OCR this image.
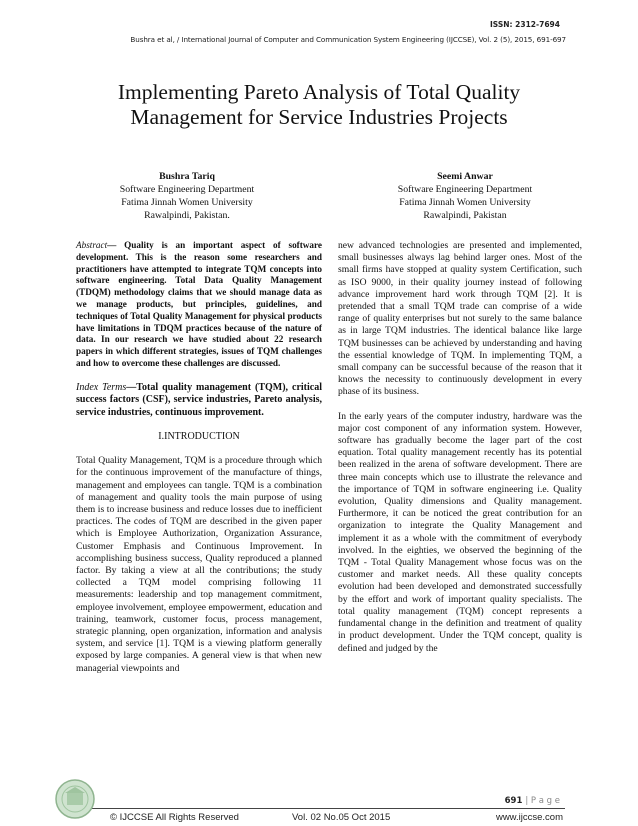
ISSN: 2312-7694
Bushra et al, / International Journal of Computer and Communication System Engineering (IJCCSE), Vol. 2 (5), 2015, 691-697
Implementing Pareto Analysis of Total Quality Management for Service Industries Projects
Bushra Tariq
Software Engineering Department
Fatima Jinnah Women University
Rawalpindi, Pakistan.
Seemi Anwar
Software Engineering Department
Fatima Jinnah Women University
Rawalpindi, Pakistan

Abstract— Quality is an important aspect of software development. This is the reason some researchers and practitioners have attempted to integrate TQM concepts into software engineering. Total Data Quality Management (TDQM) methodology claims that we should manage data as we manage products, but principles, guidelines, and techniques of Total Quality Management for physical products have limitations in TDQM practices because of the nature of data. In our research we have studied about 22 research papers in which different strategies, issues of TQM challenges and how to overcome these challenges are discussed.

Index Terms—Total quality management (TQM), critical success factors (CSF), service industries, Pareto analysis, service industries, continuous improvement.

I.INTRODUCTION

Total Quality Management, TQM is a procedure through which for the continuous improvement of the manufacture of things, management and employees can tangle. TQM is a combination of management and quality tools the main purpose of using them is to increase business and reduce losses due to inefficient practices. The codes of TQM are described in the given paper which is Employee Authorization, Organization Assurance, Customer Emphasis and Continuous Improvement. In accomplishing business success, Quality reproduced a planned factor. By taking a view at all the contributions; the study collected a TQM model comprising following 11 measurements: leadership and top management commitment, employee involvement, employee empowerment, education and training, teamwork, customer focus, process management, strategic planning, open organization, information and analysis system, and service [1]. TQM is a viewing platform generally exposed by large companies. A general view is that when new managerial viewpoints and

new advanced technologies are presented and implemented, small businesses always lag behind larger ones. Most of the small firms have stopped at quality system Certification, such as ISO 9000, in their quality journey instead of following advance improvement hard work through TQM [2]. It is pretended that a small TQM trade can comprise of a wide range of quality enterprises but not surely to the same balance as in large TQM industries. The identical balance like large TQM businesses can be achieved by understanding and having the essential knowledge of TQM. In implementing TQM, a small company can be successful because of the reason that it knows the necessity to continuously development in every phase of its business.

In the early years of the computer industry, hardware was the major cost component of any information system. However, software has gradually become the lager part of the cost equation. Total quality management recently has its potential been realized in the arena of software development. There are three main concepts which use to illustrate the relevance and the importance of TQM in software engineering i.e. Quality evolution, Quality dimensions and Quality management. Furthermore, it can be noticed the great contribution for an organization to integrate the Quality Management and implement it as a whole with the commitment of everybody involved. In the eighties, we observed the beginning of the TQM - Total Quality Management whose focus was on the customer and market needs. All these quality concepts evolution had been developed and demonstrated successfully by the effort and work of important quality specialists. The total quality management (TQM) concept represents a fundamental change in the definition and treatment of quality in product development. Under the TQM concept, quality is defined and judged by the

691 | P a g e
© IJCCSE All Rights Reserved	Vol. 02 No.05 Oct 2015	www.ijccse.com
